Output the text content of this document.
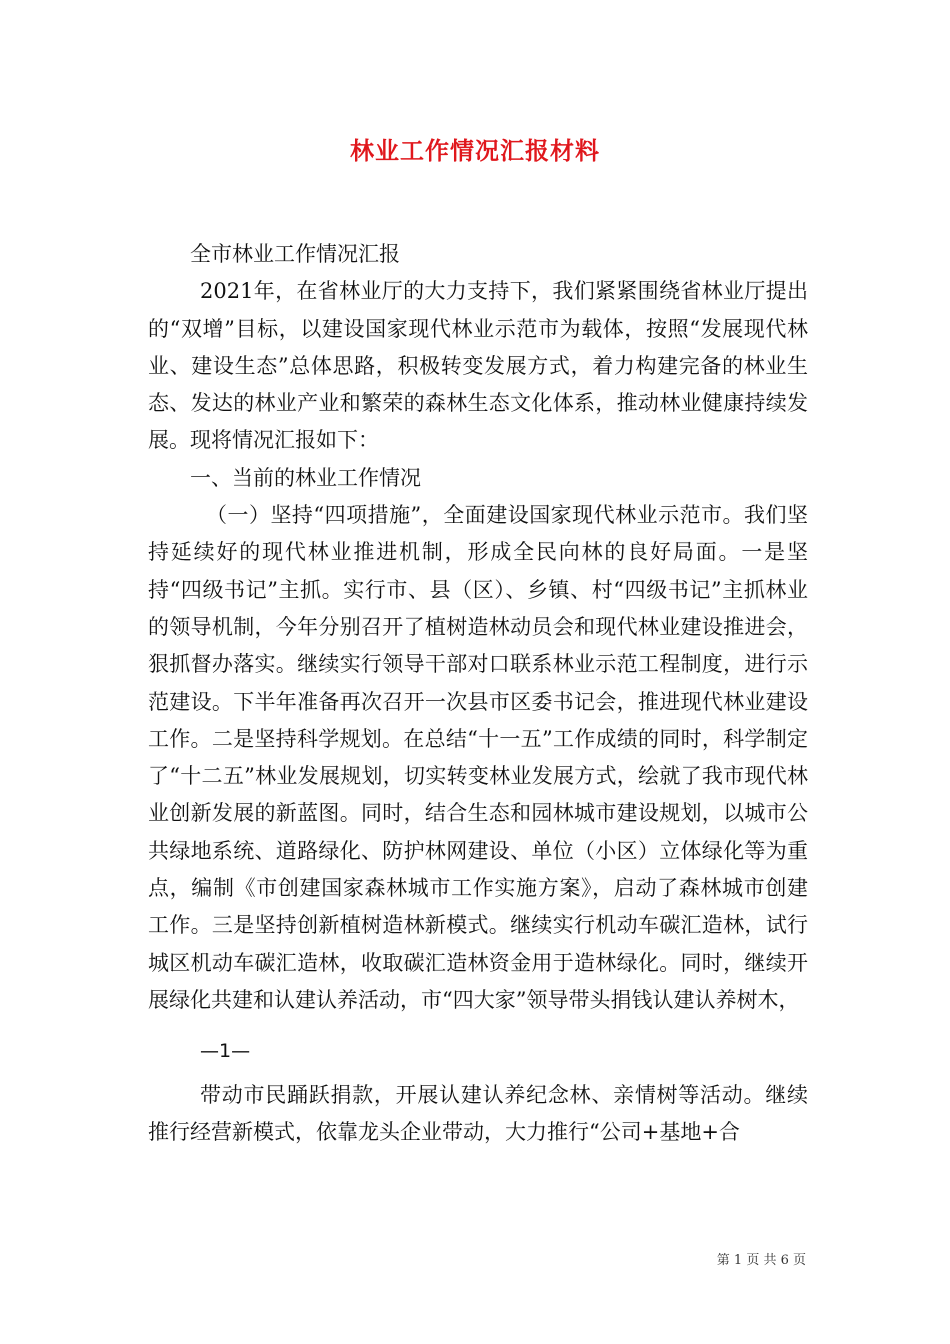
林业工作情况汇报材料

全市林业工作情况汇报

2021年，在省林业厅的大力支持下，我们紧紧围绕省林业厅提出的“双增”目标，以建设国家现代林业示范市为载体，按照“发展现代林业、建设生态”总体思路，积极转变发展方式，着力构建完备的林业生态、发达的林业产业和繁荣的森林生态文化体系，推动林业健康持续发展。现将情况汇报如下：

一、当前的林业工作情况

（一）坚持“四项措施”，全面建设国家现代林业示范市。我们坚持延续好的现代林业推进机制，形成全民向林的良好局面。一是坚持“四级书记”主抓。实行市、县（区）、乡镇、村“四级书记”主抓林业的领导机制，今年分别召开了植树造林动员会和现代林业建设推进会，狠抓督办落实。继续实行领导干部对口联系林业示范工程制度，进行示范建设。下半年准备再次召开一次县市区委书记会，推进现代林业建设工作。二是坚持科学规划。在总结“十一五”工作成绩的同时，科学制定了“十二五”林业发展规划，切实转变林业发展方式，绘就了我市现代林业创新发展的新蓝图。同时，结合生态和园林城市建设规划，以城市公共绿地系统、道路绿化、防护林网建设、单位（小区）立体绿化等为重点，编制《市创建国家森林城市工作实施方案》，启动了森林城市创建工作。三是坚持创新植树造林新模式。继续实行机动车碳汇造林，试行城区机动车碳汇造林，收取碳汇造林资金用于造林绿化。同时，继续开展绿化共建和认建认养活动，市“四大家”领导带头捐钱认建认养树木，

—1—

带动市民踊跃捐款，开展认建认养纪念林、亲情树等活动。继续推行经营新模式，依靠龙头企业带动，大力推行“公司+基地+合

第 1 页 共 6 页
